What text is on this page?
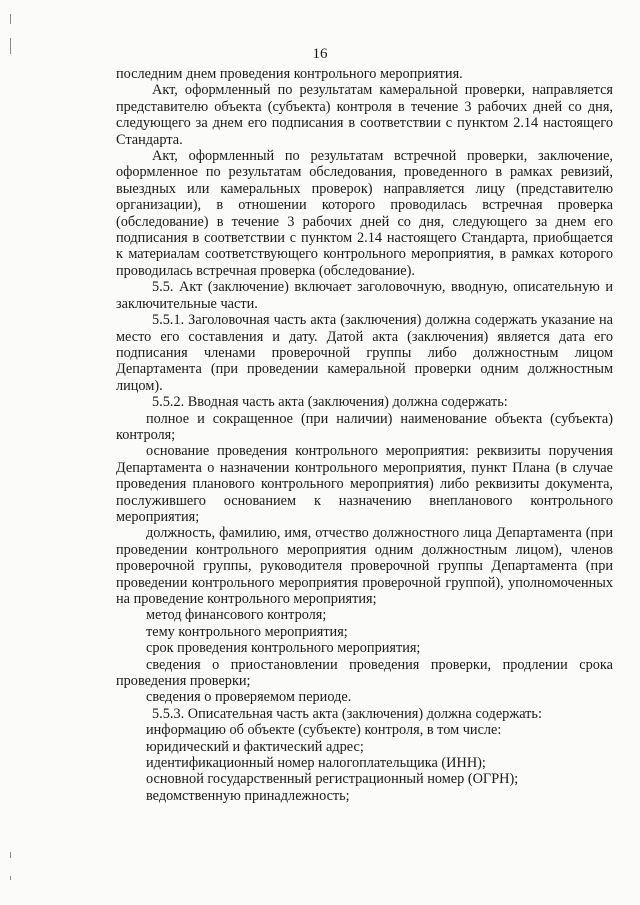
16

последним днем проведения контрольного мероприятия.

Акт, оформленный по результатам камеральной проверки, направляется представителю объекта (субъекта) контроля в течение 3 рабочих дней со дня, следующего за днем его подписания в соответствии с пунктом 2.14 настоящего Стандарта.

Акт, оформленный по результатам встречной проверки, заключение, оформленное по результатам обследования, проведенного в рамках ревизий, выездных или камеральных проверок) направляется лицу (представителю организации), в отношении которого проводилась встречная проверка (обследование) в течение 3 рабочих дней со дня, следующего за днем его подписания в соответствии с пунктом 2.14 настоящего Стандарта, приобщается к материалам соответствующего контрольного мероприятия, в рамках которого проводилась встречная проверка (обследование).

5.5. Акт (заключение) включает заголовочную, вводную, описательную и заключительные части.

5.5.1. Заголовочная часть акта (заключения) должна содержать указание на место его составления и дату. Датой акта (заключения) является дата его подписания членами проверочной группы либо должностным лицом Департамента (при проведении камеральной проверки одним должностным лицом).

5.5.2. Вводная часть акта (заключения) должна содержать:

полное и сокращенное (при наличии) наименование объекта (субъекта) контроля;

основание проведения контрольного мероприятия: реквизиты поручения Департамента о назначении контрольного мероприятия, пункт Плана (в случае проведения планового контрольного мероприятия) либо реквизиты документа, послужившего основанием к назначению внепланового контрольного мероприятия;

должность, фамилию, имя, отчество должностного лица Департамента (при проведении контрольного мероприятия одним должностным лицом), членов проверочной группы, руководителя проверочной группы Департамента (при проведении контрольного мероприятия проверочной группой), уполномоченных на проведение контрольного мероприятия;

метод финансового контроля;

тему контрольного мероприятия;

срок проведения контрольного мероприятия;

сведения о приостановлении проведения проверки, продлении срока проведения проверки;

сведения о проверяемом периоде.

5.5.3. Описательная часть акта (заключения) должна содержать:

информацию об объекте (субъекте) контроля, в том числе:

юридический и фактический адрес;

идентификационный номер налогоплательщика (ИНН);

основной государственный регистрационный номер (ОГРН);

ведомственную принадлежность;
